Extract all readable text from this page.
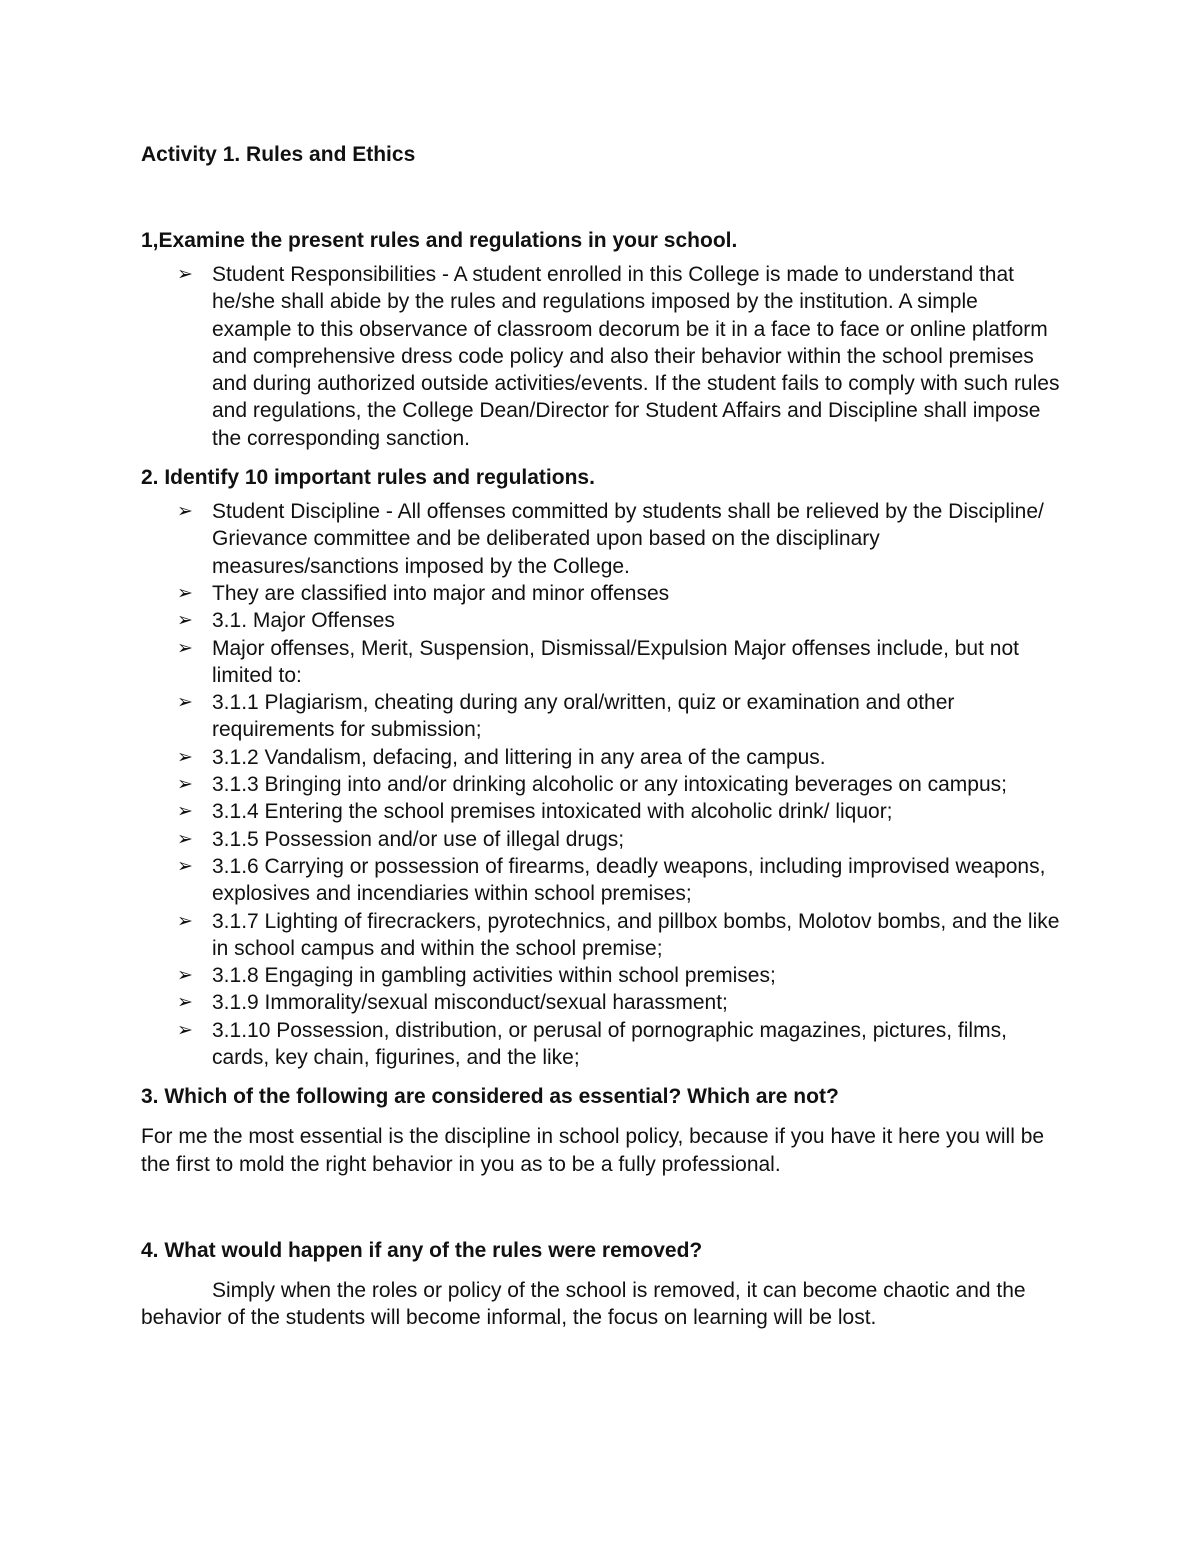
Activity 1. Rules and Ethics

1,Examine the present rules and regulations in your school.

➢ Student Responsibilities - A student enrolled in this College is made to understand that he/she shall abide by the rules and regulations imposed by the institution. A simple example to this observance of classroom decorum be it in a face to face or online platform and comprehensive dress code policy and also their behavior within the school premises and during authorized outside activities/events. If the student fails to comply with such rules and regulations, the College Dean/Director for Student Affairs and Discipline shall impose the corresponding sanction.

2. Identify 10 important rules and regulations.

➢ Student Discipline - All offenses committed by students shall be relieved by the Discipline/ Grievance committee and be deliberated upon based on the disciplinary measures/sanctions imposed by the College.
➢ They are classified into major and minor offenses
➢ 3.1. Major Offenses
➢ Major offenses, Merit, Suspension, Dismissal/Expulsion Major offenses include, but not limited to:
➢ 3.1.1 Plagiarism, cheating during any oral/written, quiz or examination and other requirements for submission;
➢ 3.1.2 Vandalism, defacing, and littering in any area of the campus.
➢ 3.1.3 Bringing into and/or drinking alcoholic or any intoxicating beverages on campus;
➢ 3.1.4 Entering the school premises intoxicated with alcoholic drink/ liquor;
➢ 3.1.5 Possession and/or use of illegal drugs;
➢ 3.1.6 Carrying or possession of firearms, deadly weapons, including improvised weapons, explosives and incendiaries within school premises;
➢ 3.1.7 Lighting of firecrackers, pyrotechnics, and pillbox bombs, Molotov bombs, and the like in school campus and within the school premise;
➢ 3.1.8 Engaging in gambling activities within school premises;
➢ 3.1.9 Immorality/sexual misconduct/sexual harassment;
➢ 3.1.10 Possession, distribution, or perusal of pornographic magazines, pictures, films, cards, key chain, figurines, and the like;

3. Which of the following are considered as essential? Which are not?

For me the most essential is the discipline in school policy, because if you have it here you will be the first to mold the right behavior in you as to be a fully professional.

4. What would happen if any of the rules were removed?

Simply when the roles or policy of the school is removed, it can become chaotic and the behavior of the students will become informal, the focus on learning will be lost.
